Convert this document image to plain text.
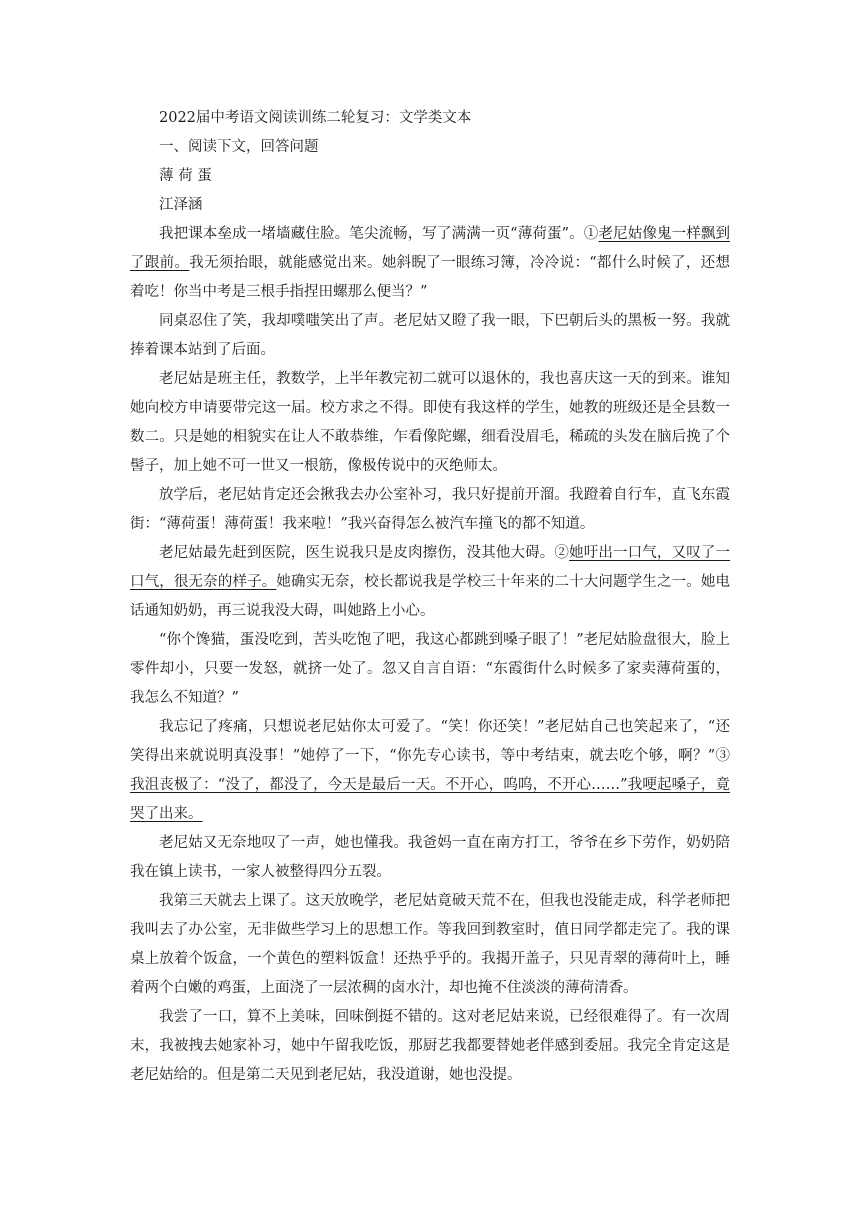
2022届中考语文阅读训练二轮复习：文学类文本

一、阅读下文，回答问题

薄 荷 蛋

江泽涵

我把课本垒成一堵墙藏住脸。笔尖流畅，写了满满一页“薄荷蛋”。①老尼姑像鬼一样飘到了跟前。我无须抬眼，就能感觉出来。她斜睨了一眼练习簿，冷冷说：“都什么时候了，还想着吃！你当中考是三根手指捏田螺那么便当？”

同桌忍住了笑，我却噗嗤笑出了声。老尼姑又瞪了我一眼，下巴朝后头的黑板一努。我就捧着课本站到了后面。

老尼姑是班主任，教数学，上半年教完初二就可以退休的，我也喜庆这一天的到来。谁知她向校方申请要带完这一届。校方求之不得。即使有我这样的学生，她教的班级还是全县数一数二。只是她的相貌实在让人不敢恭维，乍看像陀螺，细看没眉毛，稀疏的头发在脑后挽了个髻子，加上她不可一世又一根筋，像极传说中的灭绝师太。

放学后，老尼姑肯定还会揪我去办公室补习，我只好提前开溜。我蹬着自行车，直飞东霞街：“薄荷蛋！薄荷蛋！我来啦！”我兴奋得怎么被汽车撞飞的都不知道。

老尼姑最先赶到医院，医生说我只是皮肉擦伤，没其他大碍。②她吁出一口气，又叹了一口气，很无奈的样子。她确实无奈，校长都说我是学校三十年来的二十大问题学生之一。她电话通知奶奶，再三说我没大碍，叫她路上小心。

“你个馋猫，蛋没吃到，苦头吃饱了吧，我这心都跳到嗓子眼了！”老尼姑脸盘很大，脸上零件却小，只要一发怒，就挤一处了。忽又自言自语：“东霞街什么时候多了家卖薄荷蛋的，我怎么不知道？”

我忘记了疼痛，只想说老尼姑你太可爱了。“笑！你还笑！”老尼姑自己也笑起来了，“还笑得出来就说明真没事！”她停了一下，“你先专心读书，等中考结束，就去吃个够，啊？”③我沮丧极了：“没了，都没了，今天是最后一天。不开心，呜呜，不开心……”我哽起嗓子，竟哭了出来。

老尼姑又无奈地叹了一声，她也懂我。我爸妈一直在南方打工，爷爷在乡下劳作，奶奶陪我在镇上读书，一家人被整得四分五裂。

我第三天就去上课了。这天放晚学，老尼姑竟破天荒不在，但我也没能走成，科学老师把我叫去了办公室，无非做些学习上的思想工作。等我回到教室时，值日同学都走完了。我的课桌上放着个饭盒，一个黄色的塑料饭盒！还热乎乎的。我揭开盖子，只见青翠的薄荷叶上，睡着两个白嫩的鸡蛋，上面浇了一层浓稠的卤水汁，却也掩不住淡淡的薄荷清香。

我尝了一口，算不上美味，回味倒挺不错的。这对老尼姑来说，已经很难得了。有一次周末，我被拽去她家补习，她中午留我吃饭，那厨艺我都要替她老伴感到委屈。我完全肯定这是老尼姑给的。但是第二天见到老尼姑，我没道谢，她也没提。
